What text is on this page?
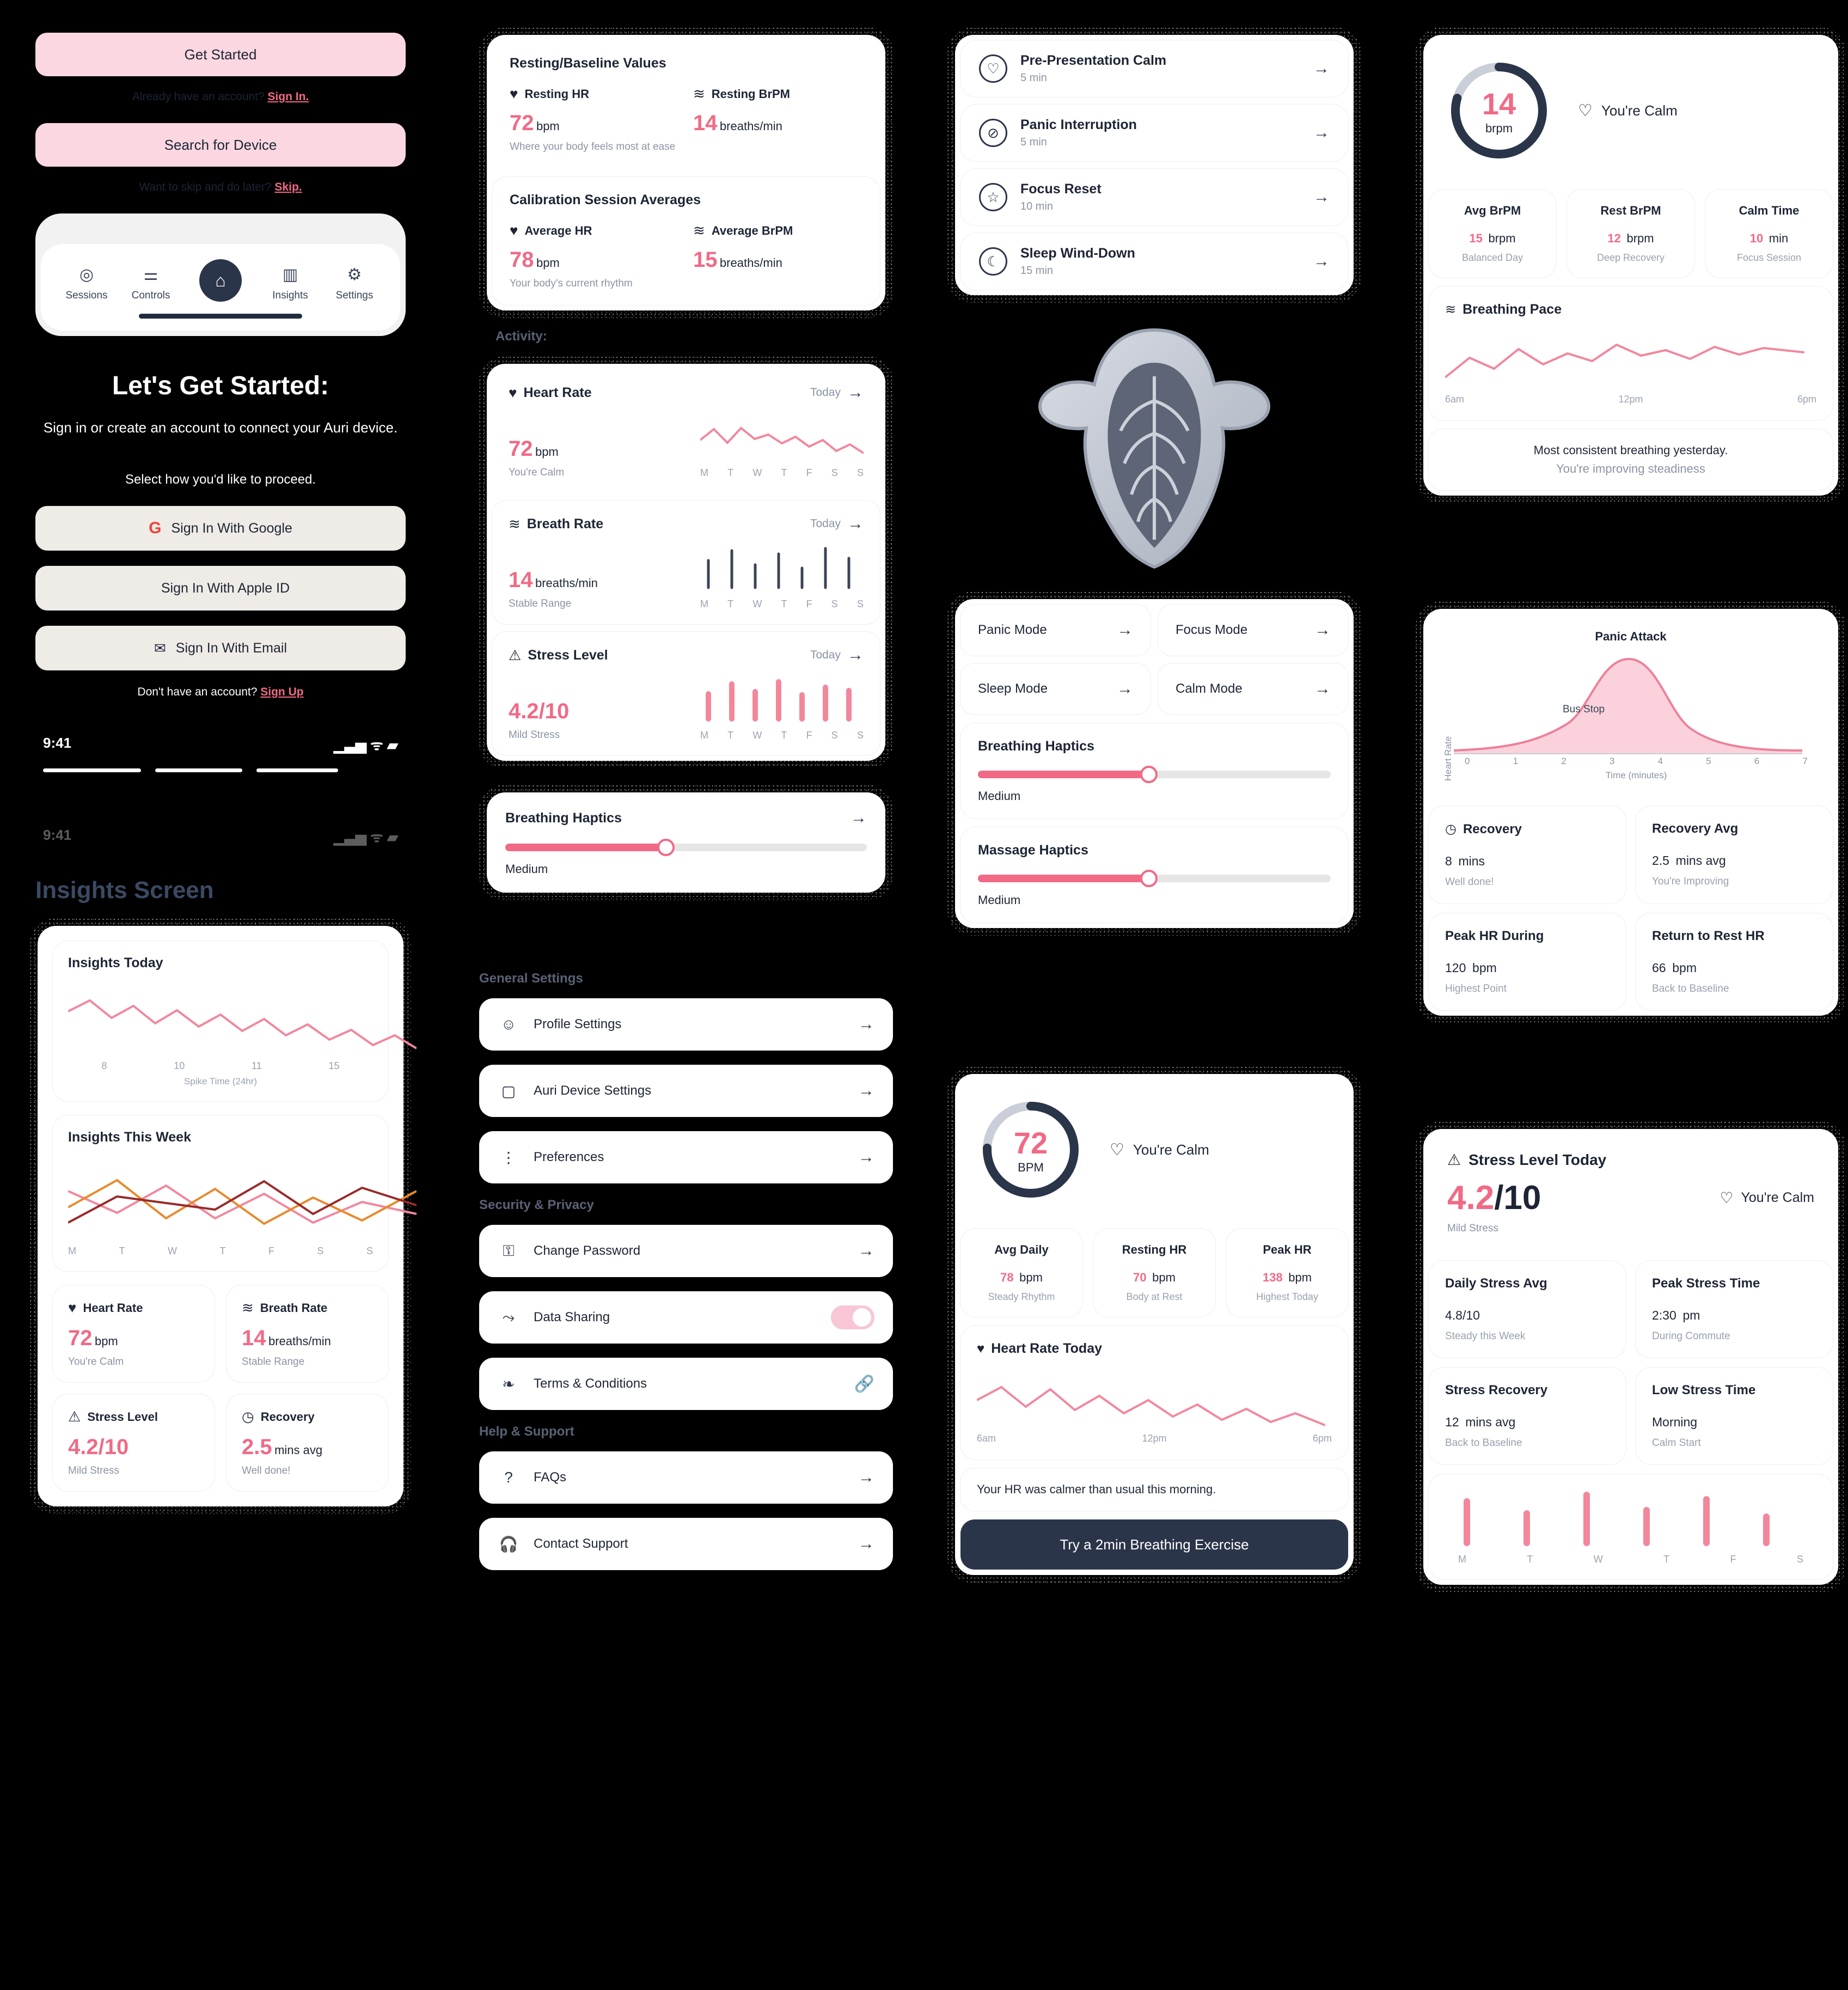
Get Started
Already have an account? Sign In.
Search for Device
Want to skip and do later? Skip.
◎
Sessions
⚌
Controls
⌂	▥
Insights
⚙
Settings
Let's Get Started:
Sign in or create an account to connect your Auri device.
Select how you'd like to proceed.
G Sign In With Google
Sign In With Apple ID
✉ Sign In With Email
Don't have an account? Sign Up
9:41	▁▃▅ ᯤ ▰
9:41	▁▃▅ ᯤ ▰
Insights Screen
Insights Today
8	10	11	15
Spike Time (24hr)
Insights This Week
M	T	W	T	F	S	S
♥ Heart Rate
72 bpm
You're Calm
≋ Breath Rate
14 breaths/min
Stable Range
⚠ Stress Level
4.2/10
Mild Stress
◷ Recovery
2.5 mins avg
Well done!
Resting/Baseline Values
♥ Resting HR
72 bpm
≋ Resting BrPM
14 breaths/min
Where your body feels most at ease
Calibration Session Averages
♥ Average HR
78 bpm
≋ Average BrPM
15 breaths/min
Your body's current rhythm
Activity:
♥ Heart Rate	Today →
72 bpm
You're Calm	M T W T F S S
≋ Breath Rate	Today →
14 breaths/min
Stable Range	M T W T F S S
⚠ Stress Level	Today →
4.2/10
Mild Stress	M T W T F S S
Breathing Haptics	→
Medium
General Settings
☺ Profile Settings	→
▢ Auri Device Settings	→
⋮ Preferences	→
Security & Privacy
⚿	Change Password	→
⤳	Data Sharing
❧	Terms & Conditions	🔗
Help & Support
?	FAQs	→
🎧 Contact Support	→
♡	Pre-Presentation Calm
5 min
→
⊘	Panic Interruption
5 min
→
☆	Focus Reset
10 min
→
☾	Sleep Wind-Down
15 min
→
Panic Mode	→	Focus Mode	→
Sleep Mode	→	Calm Mode	→
Breathing Haptics
Medium
Massage Haptics
Medium
72
BPM
♡ You're Calm
Avg Daily
78 bpm
Steady Rhythm
Resting HR
70 bpm
Body at Rest
Peak HR
138 bpm
Highest Today
♥ Heart Rate Today
6am	12pm	6pm
Your HR was calmer than usual this morning.
Try a 2min Breathing Exercise
14
brpm
♡ You're Calm
Avg BrPM
15 brpm
Balanced Day
Rest BrPM
12 brpm
Deep Recovery
Calm Time
10 min
Focus Session
≋ Breathing Pace
6am	12pm	6pm
Most consistent breathing yesterday.
You're improving steadiness
Panic Attack
Heart Rate
Bus Stop
0	1	2	3	4	5	6	7
Time (minutes)
◷ Recovery
8 mins
Well done!
Recovery Avg
2.5 mins avg
You're Improving
Peak HR During
120 bpm
Highest Point
Return to Rest HR
66 bpm
Back to Baseline
⚠ Stress Level Today
4.2/10	♡ You're Calm
Mild Stress
Daily Stress Avg
4.8/10
Steady this Week
Peak Stress Time
2:30 pm
During Commute
Stress Recovery
12 mins avg
Back to Baseline
Low Stress Time
Morning
Calm Start
M	T	W	T	F	S
